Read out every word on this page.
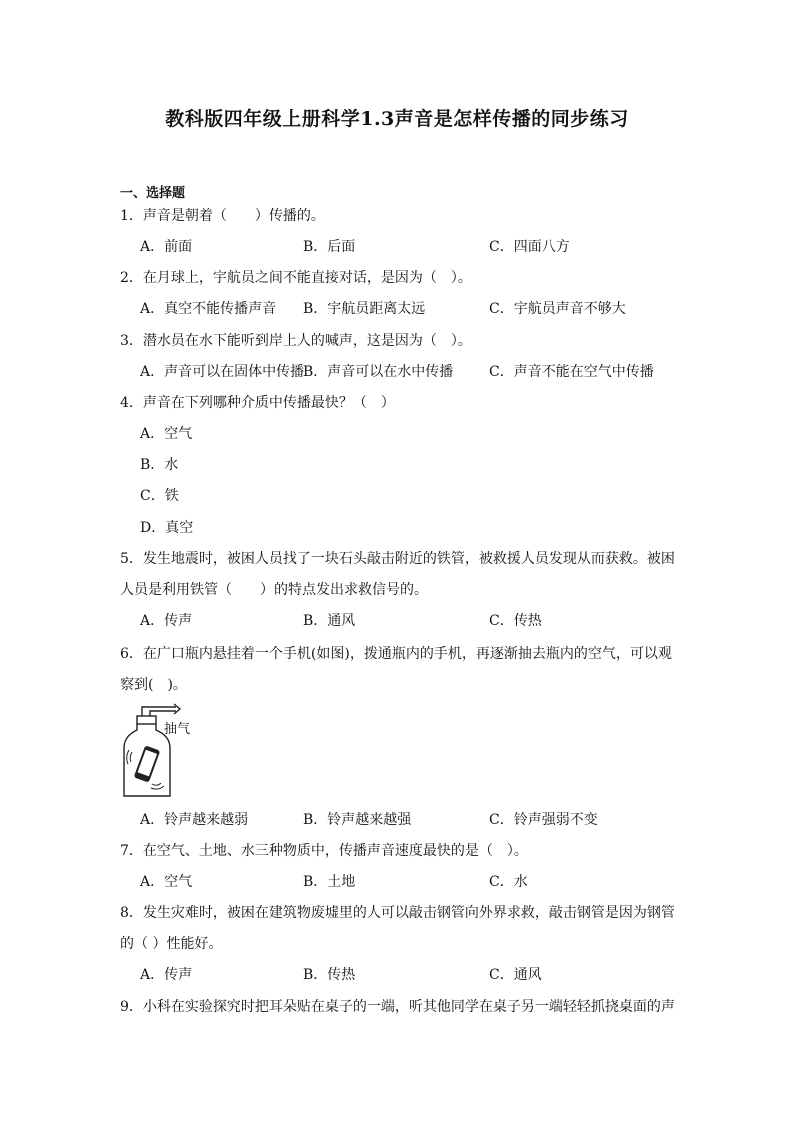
教科版四年级上册科学1.3声音是怎样传播的同步练习
一、选择题
1．声音是朝着（　　）传播的。
A．前面	B．后面	C．四面八方
2．在月球上，宇航员之间不能直接对话，是因为（　）。
A．真空不能传播声音 B．宇航员距离太远	C．宇航员声音不够大
3．潜水员在水下能听到岸上人的喊声，这是因为（　）。
A．声音可以在固体中传播
B．声音可以在水中传播	C．声音不能在空气中传播
4．声音在下列哪种介质中传播最快？（　）
A．空气
B．水
C．铁
D．真空
5．发生地震时，被困人员找了一块石头敲击附近的铁管，被救援人员发现从而获救。被困
人员是利用铁管（　　）的特点发出求救信号的。
A．传声	B．通风	C．传热
6．在广口瓶内悬挂着一个手机(如图)，拨通瓶内的手机，再逐渐抽去瓶内的空气，可以观
察到(　)。
抽气
A．铃声越来越弱	B．铃声越来越强	C．铃声强弱不变
7．在空气、土地、水三种物质中，传播声音速度最快的是（　）。
A．空气	B．土地	C．水
8．发生灾难时，被困在建筑物废墟里的人可以敲击钢管向外界求救，敲击钢管是因为钢管
的（ ）性能好。
A．传声	B．传热	C．通风
9．小科在实验探究时把耳朵贴在桌子的一端，听其他同学在桌子另一端轻轻抓挠桌面的声
